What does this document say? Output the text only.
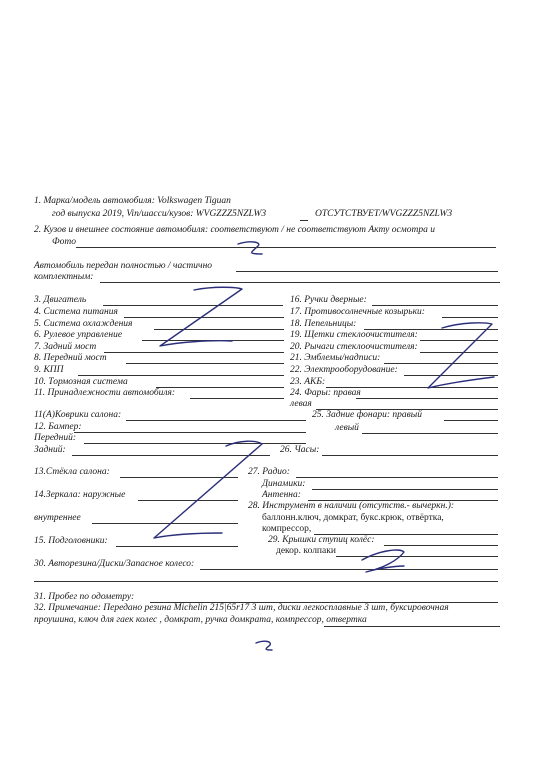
1. Марка/модель автомобиля: Volkswagen Tiguan
год выпуска 2019, Vin/шасси/кузов: WVGZZZ5NZLW3	ОТСУТСТВУЕТ/WVGZZZ5NZLW3
2. Кузов и внешнее состояние автомобиля: соответствуют / не соответствуют Акту осмотра и
Фото
Автомобиль передан полностью / частично
комплектным:
3. Двигатель
4. Система питания
5. Система охлаждения
6. Рулевое управление
7. Задний мост
8. Передний мост
9. КПП
10. Тормозная система
11. Принадлежности автомобиля:
16. Ручки дверные:
17. Противосолнечные козырьки:
18. Пепельницы:
19. Щетки стеклоочистителя:
20. Рычаги стеклоочистителя:
21. Эмблемы/надписи:
22. Электрооборудование:
23. АКБ:
24. Фары: правая
левая
11(А)Коврики салона:	25. Задние фонари: правый
12. Бампер:	левый
Передний:
Задний:	26. Часы:
13.Стёкла салона:	27. Радио:
Динамики:
Антенна:
14.Зеркала: наружные
28. Инструмент в наличии (отсутств.- вычеркн.):
баллонн.ключ, домкрат, букс.крюк, отвёртка,
компрессор,
внутреннее
15. Подголовники:	29. Крышки ступиц колёс:
декор. колпаки
30. Авторезина/Диски/Запасное колесо:
31. Пробег по одометру:
32. Примечание: Передано резина Michelin 215|65r17 3 шт, диски легкосплавные 3 шт, буксировочная
проушина, ключ для гаек колес , домкрат, ручка домкрата, компрессор, отвертка
